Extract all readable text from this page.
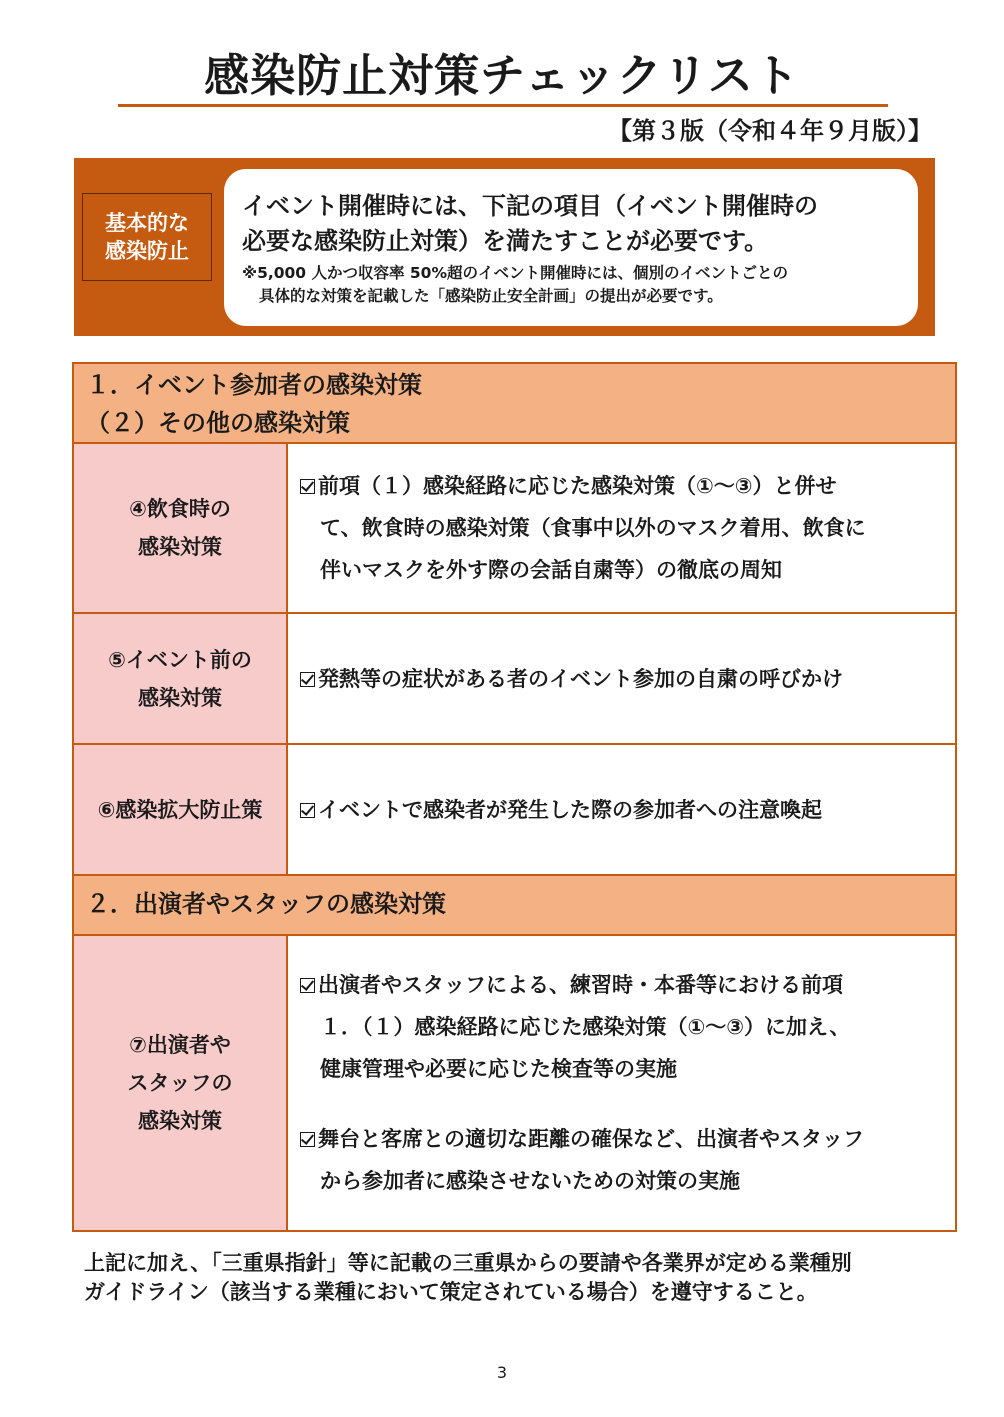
感染防止対策チェックリスト
【第３版（令和４年９月版）】
基本的な
感染防止
イベント開催時には、下記の項目（イベント開催時の
必要な感染防止対策）を満たすことが必要です。
※5,000 人かつ収容率 50%超のイベント開催時には、個別のイベントごとの
具体的な対策を記載した「感染防止安全計画」の提出が必要です。
１．イベント参加者の感染対策
（２）その他の感染対策
④飲食時の
感染対策
前項（１）感染経路に応じた感染対策（①～③）と併せ
て、飲食時の感染対策（食事中以外のマスク着用、飲食に
伴いマスクを外す際の会話自粛等）の徹底の周知
⑤イベント前の
感染対策
発熱等の症状がある者のイベント参加の自粛の呼びかけ
⑥感染拡大防止策	イベントで感染者が発生した際の参加者への注意喚起
２．出演者やスタッフの感染対策
⑦出演者や
スタッフの
感染対策
出演者やスタッフによる、練習時・本番等における前項
１．（１）感染経路に応じた感染対策（①～③）に加え、
健康管理や必要に応じた検査等の実施
舞台と客席との適切な距離の確保など、出演者やスタッフ
から参加者に感染させないための対策の実施
上記に加え、「三重県指針」等に記載の三重県からの要請や各業界が定める業種別
ガイドライン（該当する業種において策定されている場合）を遵守すること。
3
